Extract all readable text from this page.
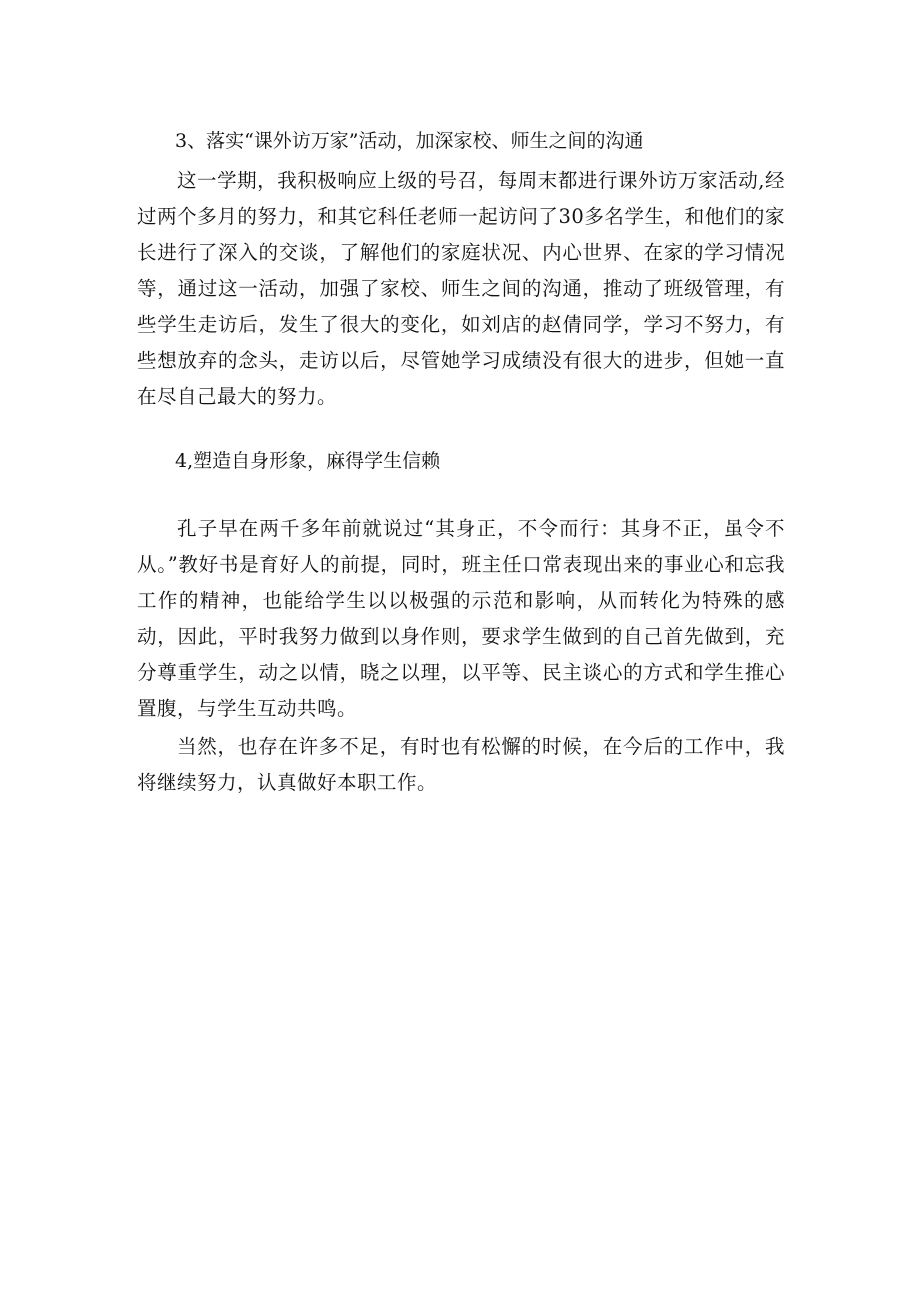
3、落实“课外访万家”活动，加深家校、师生之间的沟通

这一学期，我积极响应上级的号召，每周末都进行课外访万家活动,经过两个多月的努力，和其它科任老师一起访问了30多名学生，和他们的家长进行了深入的交谈，了解他们的家庭状况、内心世界、在家的学习情况等，通过这一活动，加强了家校、师生之间的沟通，推动了班级管理，有些学生走访后，发生了很大的变化，如刘店的赵倩同学，学习不努力，有些想放弃的念头，走访以后，尽管她学习成绩没有很大的进步，但她一直在尽自己最大的努力。

4,塑造自身形象，麻得学生信赖

孔子早在两千多年前就说过“其身正，不令而行：其身不正，虽令不从。”教好书是育好人的前提，同时，班主任口常表现出来的事业心和忘我工作的精神，也能给学生以以极强的示范和影响，从而转化为特殊的感动，因此，平时我努力做到以身作则，要求学生做到的自己首先做到，充分尊重学生，动之以情，晓之以理，以平等、民主谈心的方式和学生推心置腹，与学生互动共鸣。

当然，也存在许多不足，有时也有松懈的时候，在今后的工作中，我将继续努力，认真做好本职工作。
